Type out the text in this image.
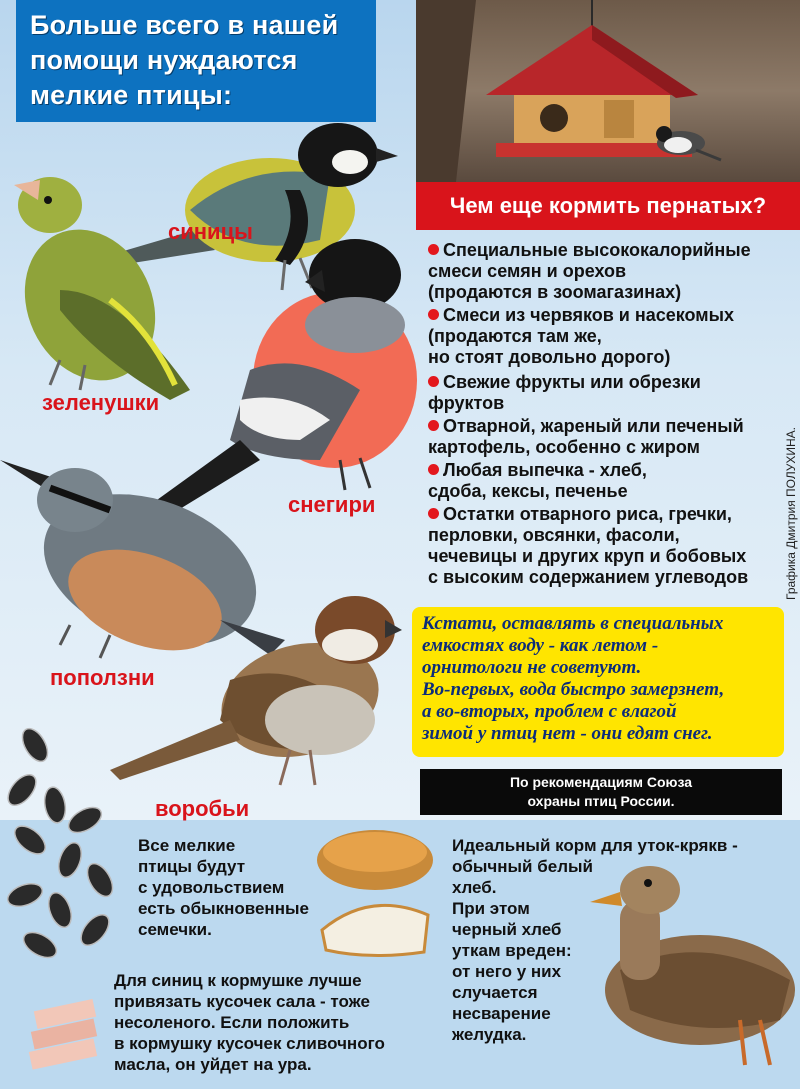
Больше всего в нашей
помощи нуждаются
мелкие птицы:
Чем еще кормить пернатых?
синицы
зеленушки
снегири
поползни
воробьи
Специальные высококалорийные
смеси семян и орехов
(продаются в зоомагазинах)
Смеси из червяков и насекомых
(продаются там же,
но стоят довольно дорого)
Свежие фрукты или обрезки
фруктов
Отварной, жареный или печеный
картофель, особенно с жиром
Любая выпечка - хлеб,
сдоба, кексы, печенье
Остатки отварного риса, гречки,
перловки, овсянки, фасоли,
чечевицы и других круп и бобовых
с высоким содержанием углеводов	Графика Дмитрия ПОЛУХИНА.
Кстати, оставлять в специальных
емкостях воду - как летом -
орнитологи не советуют.
Во-первых, вода быстро замерзнет,
а во-вторых, проблем с влагой
зимой у птиц нет - они едят снег.
По рекомендациям Союза
охраны птиц России.
Все мелкие
птицы будут
с удовольствием
есть обыкновенные
семечки.
Для синиц к кормушке лучше
привязать кусочек сала - тоже
несоленого. Если положить
в кормушку кусочек сливочного
масла, он уйдет на ура.
Идеальный корм для уток-крякв -
обычный белый
хлеб.
При этом
черный хлеб
уткам вреден:
от него у них
случается
несварение
желудка.
